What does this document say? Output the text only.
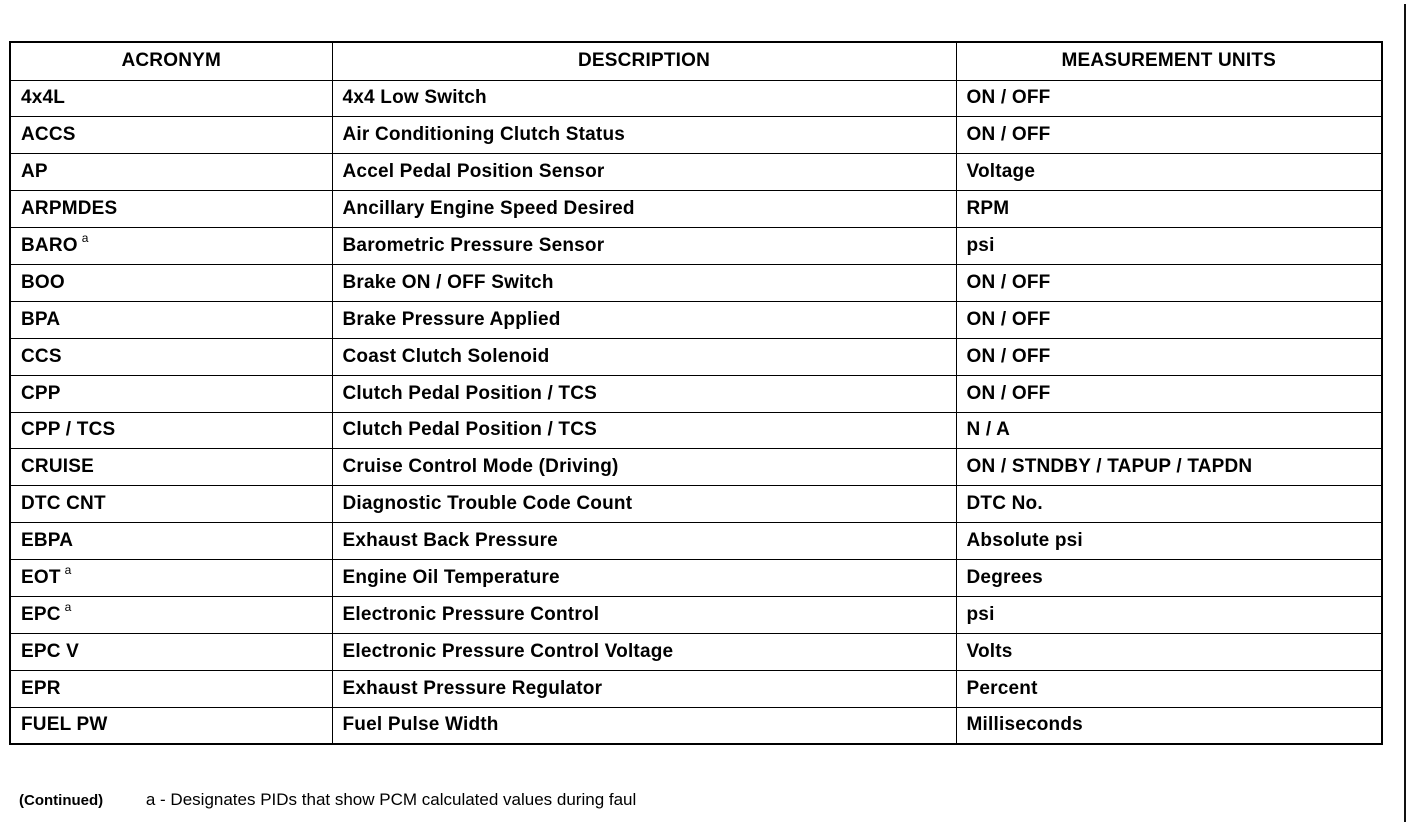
ACRONYM	DESCRIPTION	MEASUREMENT UNITS
4x4L	4x4 Low Switch	ON / OFF
ACCS	Air Conditioning Clutch Status	ON / OFF
AP	Accel Pedal Position Sensor	Voltage
ARPMDES	Ancillary Engine Speed Desired	RPM
BARO $^a$	Barometric Pressure Sensor	psi
BOO	Brake ON / OFF Switch	ON / OFF
BPA	Brake Pressure Applied	ON / OFF
CCS	Coast Clutch Solenoid	ON / OFF
CPP	Clutch Pedal Position / TCS	ON / OFF
CPP / TCS	Clutch Pedal Position / TCS	N / A
CRUISE	Cruise Control Mode (Driving)	ON / STNDBY / TAPUP / TAPDN
DTC CNT	Diagnostic Trouble Code Count	DTC No.
EBPA	Exhaust Back Pressure	Absolute psi
EOT $^a$	Engine Oil Temperature	Degrees
EPC $^a$	Electronic Pressure Control	psi
EPC V	Electronic Pressure Control Voltage	Volts
EPR	Exhaust Pressure Regulator	Percent
FUEL PW	Fuel Pulse Width	Milliseconds
(Continued)	a - Designates PIDs that show PCM calculated values during faul
